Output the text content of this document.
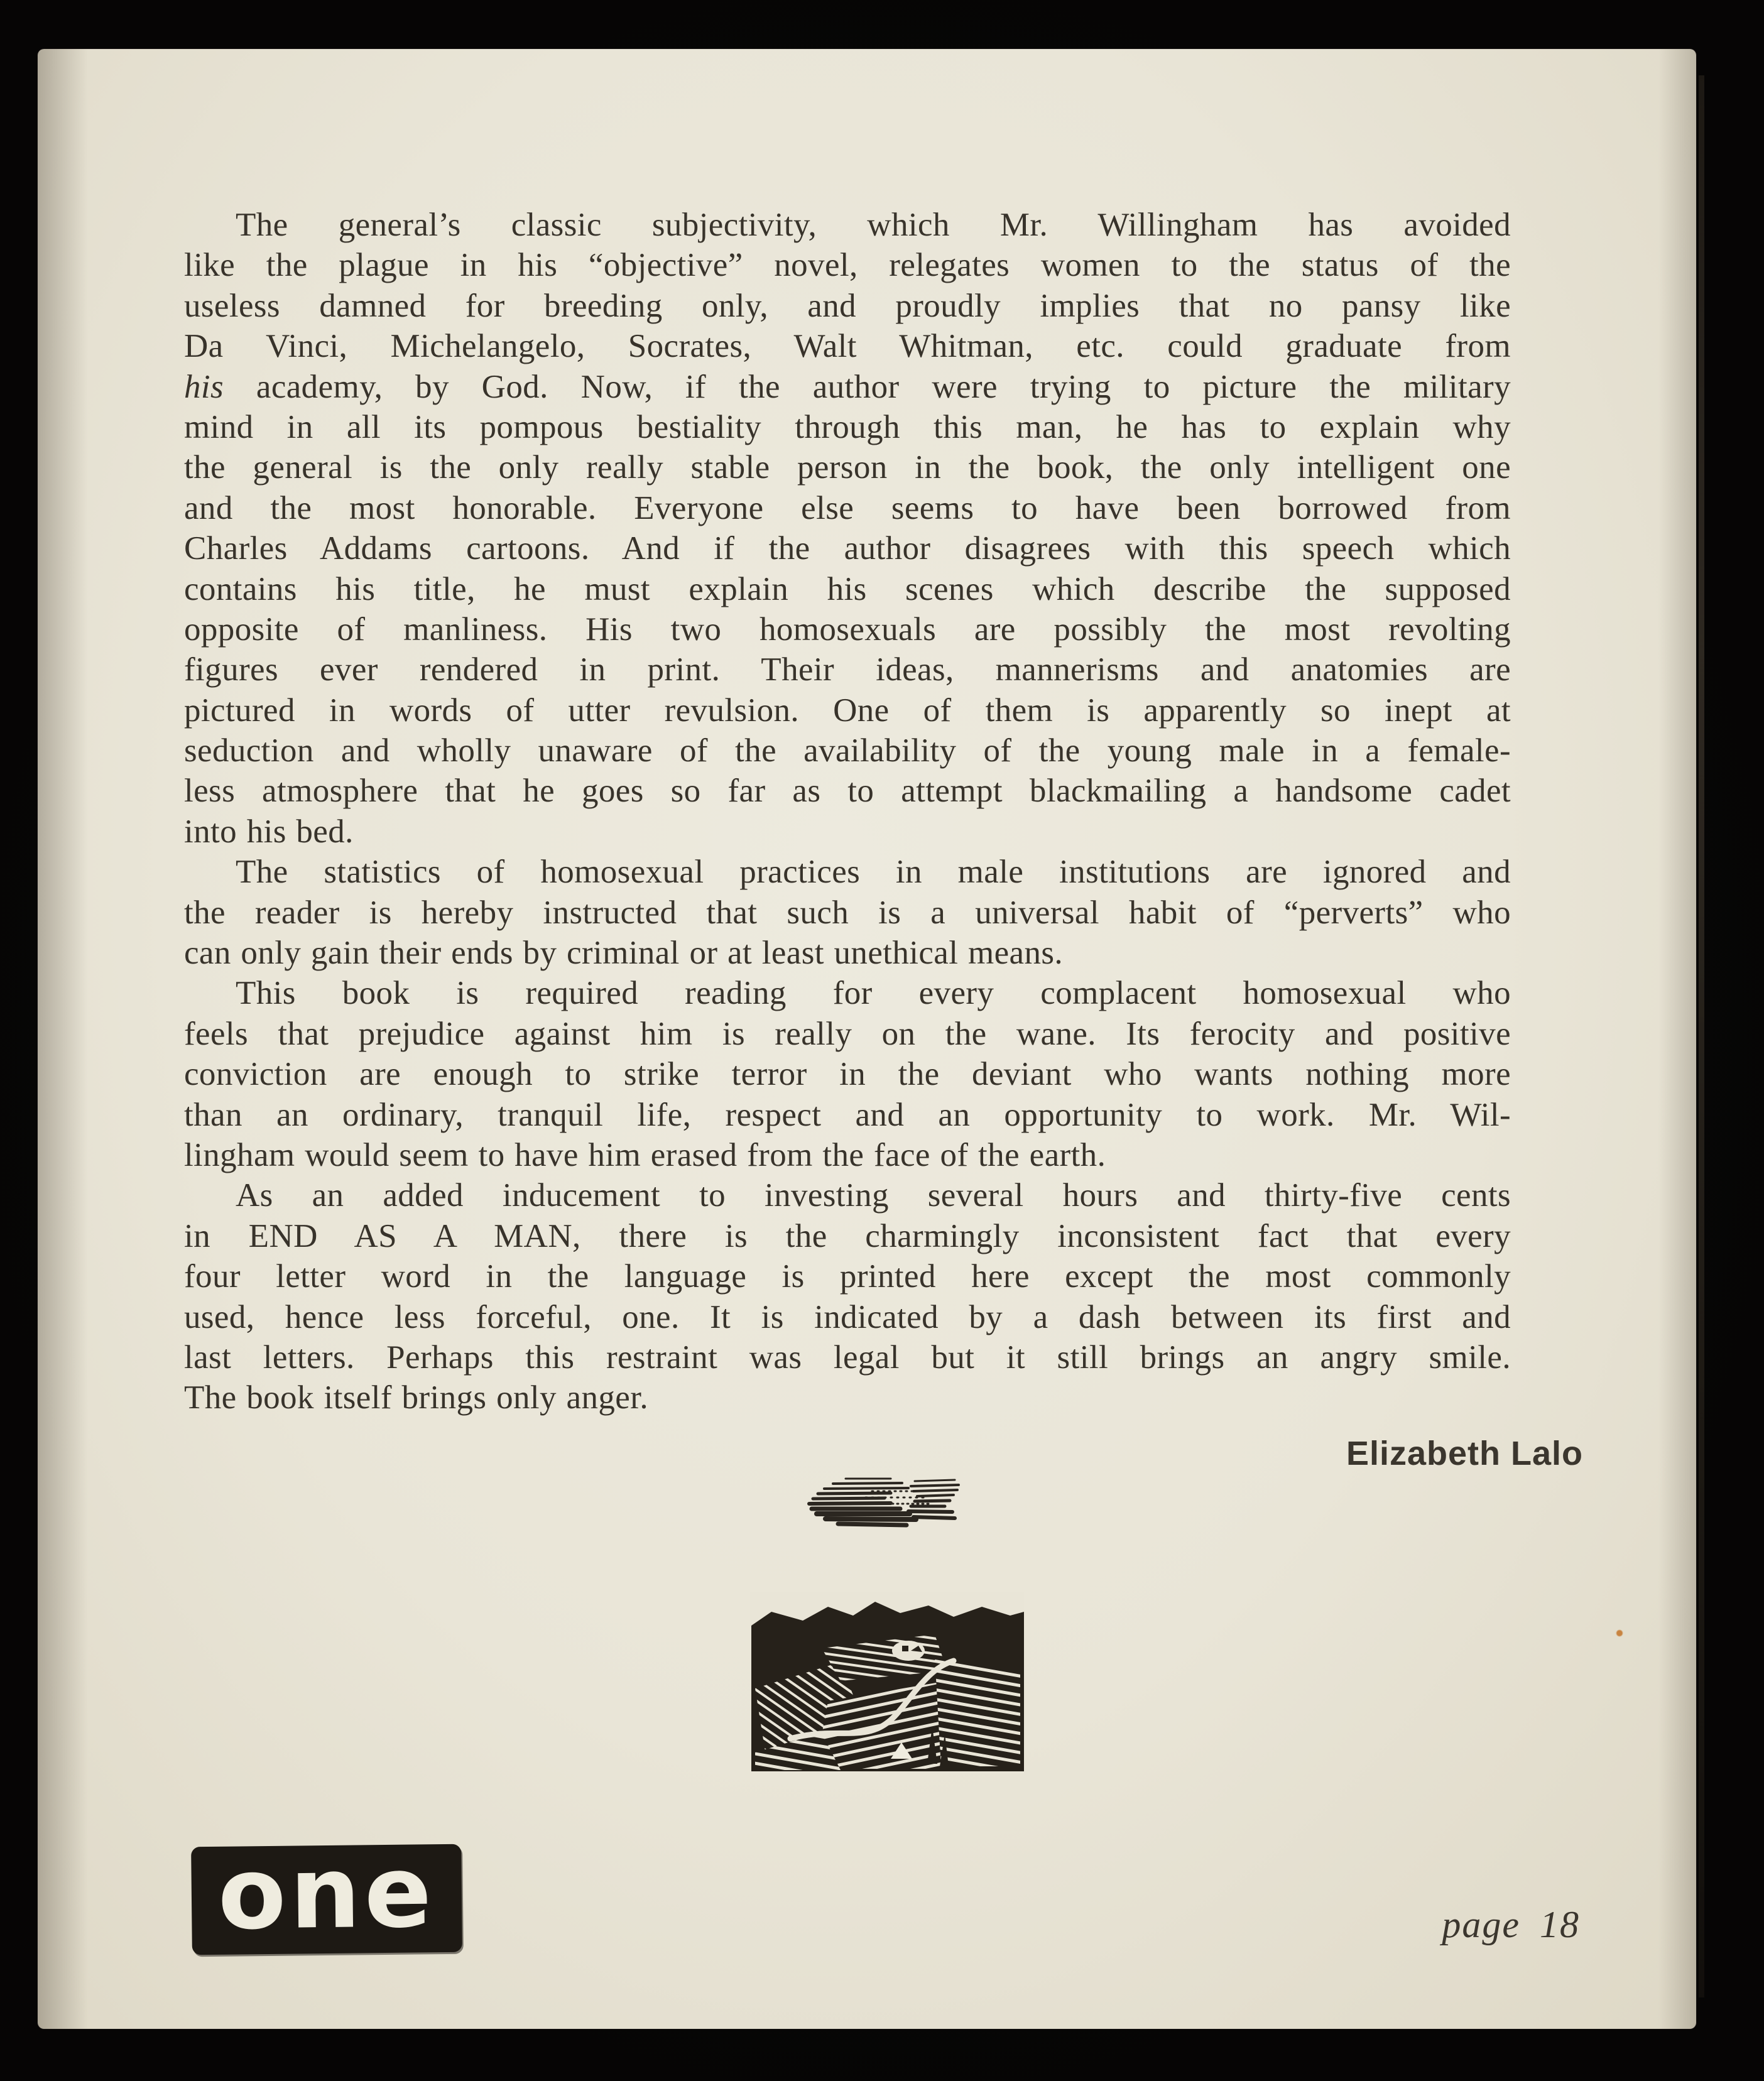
The general’s classic subjectivity, which Mr. Willingham has avoided
like the plague in his “objective” novel, relegates women to the status of the
useless damned for breeding only, and proudly implies that no pansy like
Da Vinci, Michelangelo, Socrates, Walt Whitman, etc. could graduate from
his academy, by God. Now, if the author were trying to picture the military
mind in all its pompous bestiality through this man, he has to explain why
the general is the only really stable person in the book, the only intelligent one
and the most honorable. Everyone else seems to have been borrowed from
Charles Addams cartoons. And if the author disagrees with this speech which
contains his title, he must explain his scenes which describe the supposed
opposite of manliness. His two homosexuals are possibly the most revolting
figures ever rendered in print. Their ideas, mannerisms and anatomies are
pictured in words of utter revulsion. One of them is apparently so inept at
seduction and wholly unaware of the availability of the young male in a female-
less atmosphere that he goes so far as to attempt blackmailing a handsome cadet
into his bed.
The statistics of homosexual practices in male institutions are ignored and
the reader is hereby instructed that such is a universal habit of “perverts” who
can only gain their ends by criminal or at least unethical means.
This book is required reading for every complacent homosexual who
feels that prejudice against him is really on the wane. Its ferocity and positive
conviction are enough to strike terror in the deviant who wants nothing more
than an ordinary, tranquil life, respect and an opportunity to work. Mr. Wil-
lingham would seem to have him erased from the face of the earth.
As an added inducement to investing several hours and thirty-five cents
in END AS A MAN, there is the charmingly inconsistent fact that every
four letter word in the language is printed here except the most commonly
used, hence less forceful, one. It is indicated by a dash between its first and
last letters. Perhaps this restraint was legal but it still brings an angry smile.
The book itself brings only anger.
Elizabeth Lalo
one	page 18
